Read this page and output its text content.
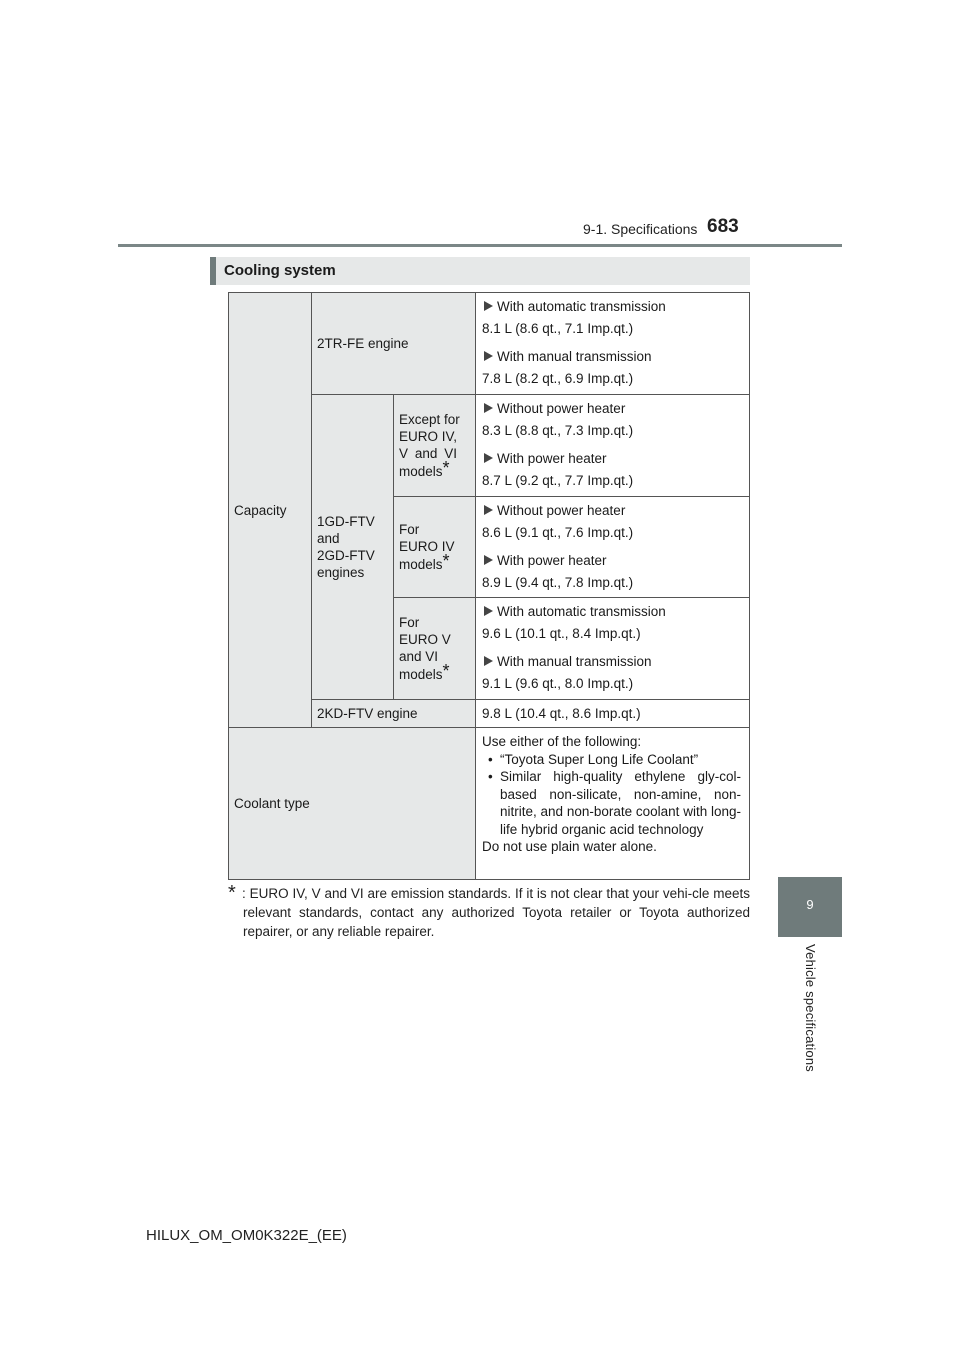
9-1. Specifications 683
9
Vehicle specifications
Cooling system
Capacity
2TR-FE engine
With automatic transmission
8.1 L (8.6 qt., 7.1 Imp.qt.)
With manual transmission
7.8 L (8.2 qt., 6.9 Imp.qt.)
1GD-FTV
and
2GD-FTV
engines
Except for
EURO IV,
V and VI
models*
Without power heater
8.3 L (8.8 qt., 7.3 Imp.qt.)
With power heater
8.7 L (9.2 qt., 7.7 Imp.qt.)
For
EURO IV
models*
Without power heater
8.6 L (9.1 qt., 7.6 Imp.qt.)
With power heater
8.9 L (9.4 qt., 7.8 Imp.qt.)
For
EURO V
and VI
models*
With automatic transmission
9.6 L (10.1 qt., 8.4 Imp.qt.)
With manual transmission
9.1 L (9.6 qt., 8.0 Imp.qt.)
2KD-FTV engine	9.8 L (10.4 qt., 8.6 Imp.qt.)
Coolant type
Use either of the following:
• “Toyota Super Long Life Coolant”
• Similar high-quality ethylene gly-col-based non-silicate, non-amine, non-nitrite, and non-borate coolant with long-life hybrid organic acid technology
Do not use plain water alone.
* : EURO IV, V and VI are emission standards. If it is not clear that your vehi-cle meets relevant standards, contact any authorized Toyota retailer or Toyota authorized repairer, or any reliable repairer.
HILUX_OM_OM0K322E_(EE)
